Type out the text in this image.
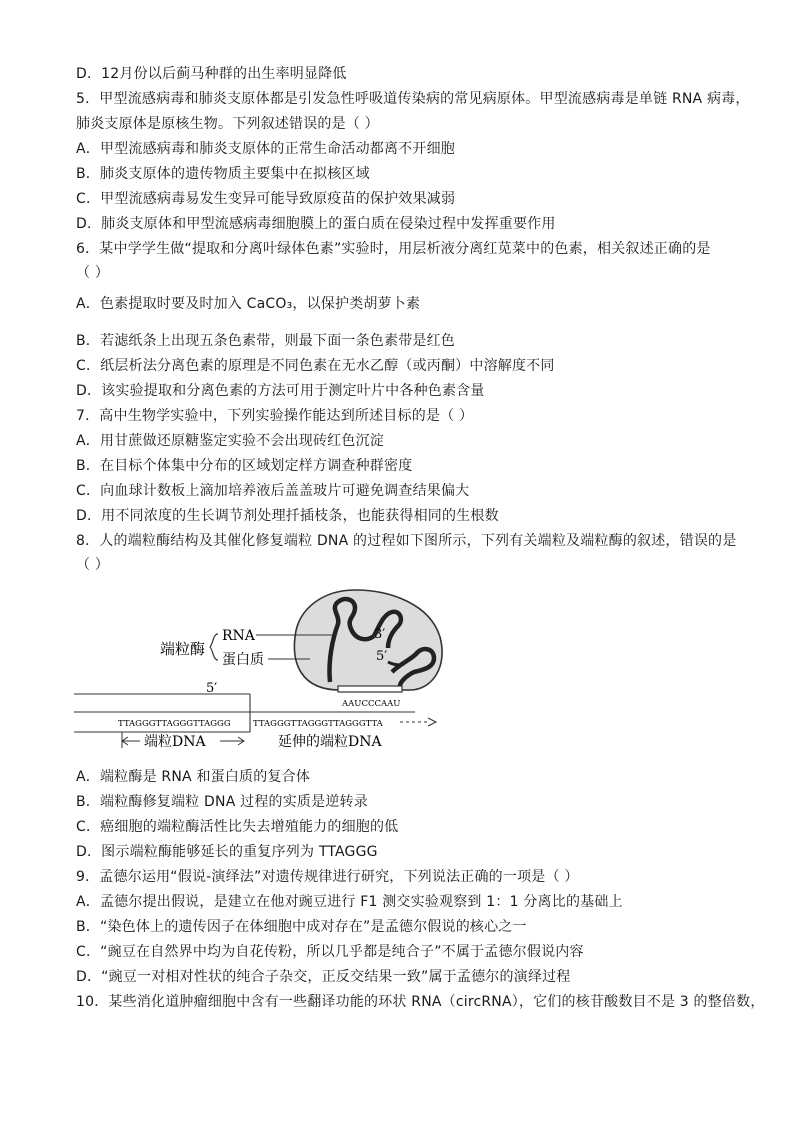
D．12月份以后蓟马种群的出生率明显降低
5．甲型流感病毒和肺炎支原体都是引发急性呼吸道传染病的常见病原体。甲型流感病毒是单链 RNA 病毒，
肺炎支原体是原核生物。下列叙述错误的是（ ）
A．甲型流感病毒和肺炎支原体的正常生命活动都离不开细胞
B．肺炎支原体的遗传物质主要集中在拟核区域
C．甲型流感病毒易发生变异可能导致原疫苗的保护效果减弱
D．肺炎支原体和甲型流感病毒细胞膜上的蛋白质在侵染过程中发挥重要作用
6．某中学学生做“提取和分离叶绿体色素”实验时，用层析液分离红苋菜中的色素，相关叙述正确的是
（ ）
A．色素提取时要及时加入 CaCO₃，以保护类胡萝卜素
B．若滤纸条上出现五条色素带，则最下面一条色素带是红色
C．纸层析法分离色素的原理是不同色素在无水乙醇（或丙酮）中溶解度不同
D．该实验提取和分离色素的方法可用于测定叶片中各种色素含量
7．高中生物学实验中，下列实验操作能达到所述目标的是（ ）
A．用甘蔗做还原糖鉴定实验不会出现砖红色沉淀
B．在目标个体集中分布的区域划定样方调查种群密度
C．向血球计数板上滴加培养液后盖盖玻片可避免调查结果偏大
D．用不同浓度的生长调节剂处理扦插枝条，也能获得相同的生根数
8．人的端粒酶结构及其催化修复端粒 DNA 的过程如下图所示，下列有关端粒及端粒酶的叙述，错误的是
（ ）
3′
5′
端粒酶
RNA
蛋白质
5′
AAUCCCAAU
TTAGGGTTAGGGTTAGGG	TTAGGGTTAGGGTTAGGGTTA
端粒DNA	延伸的端粒DNA
A．端粒酶是 RNA 和蛋白质的复合体
B．端粒酶修复端粒 DNA 过程的实质是逆转录
C．癌细胞的端粒酶活性比失去增殖能力的细胞的低
D．图示端粒酶能够延长的重复序列为 TTAGGG
9．孟德尔运用“假说-演绎法”对遗传规律进行研究，下列说法正确的一项是（ ）
A．孟德尔提出假说，是建立在他对豌豆进行 F1 测交实验观察到 1：1 分离比的基础上
B．“染色体上的遗传因子在体细胞中成对存在”是孟德尔假说的核心之一
C．“豌豆在自然界中均为自花传粉，所以几乎都是纯合子”不属于孟德尔假说内容
D．“豌豆一对相对性状的纯合子杂交，正反交结果一致”属于孟德尔的演绎过程
10．某些消化道肿瘤细胞中含有一些翻译功能的环状 RNA（circRNA），它们的核苷酸数目不是 3 的整倍数，
